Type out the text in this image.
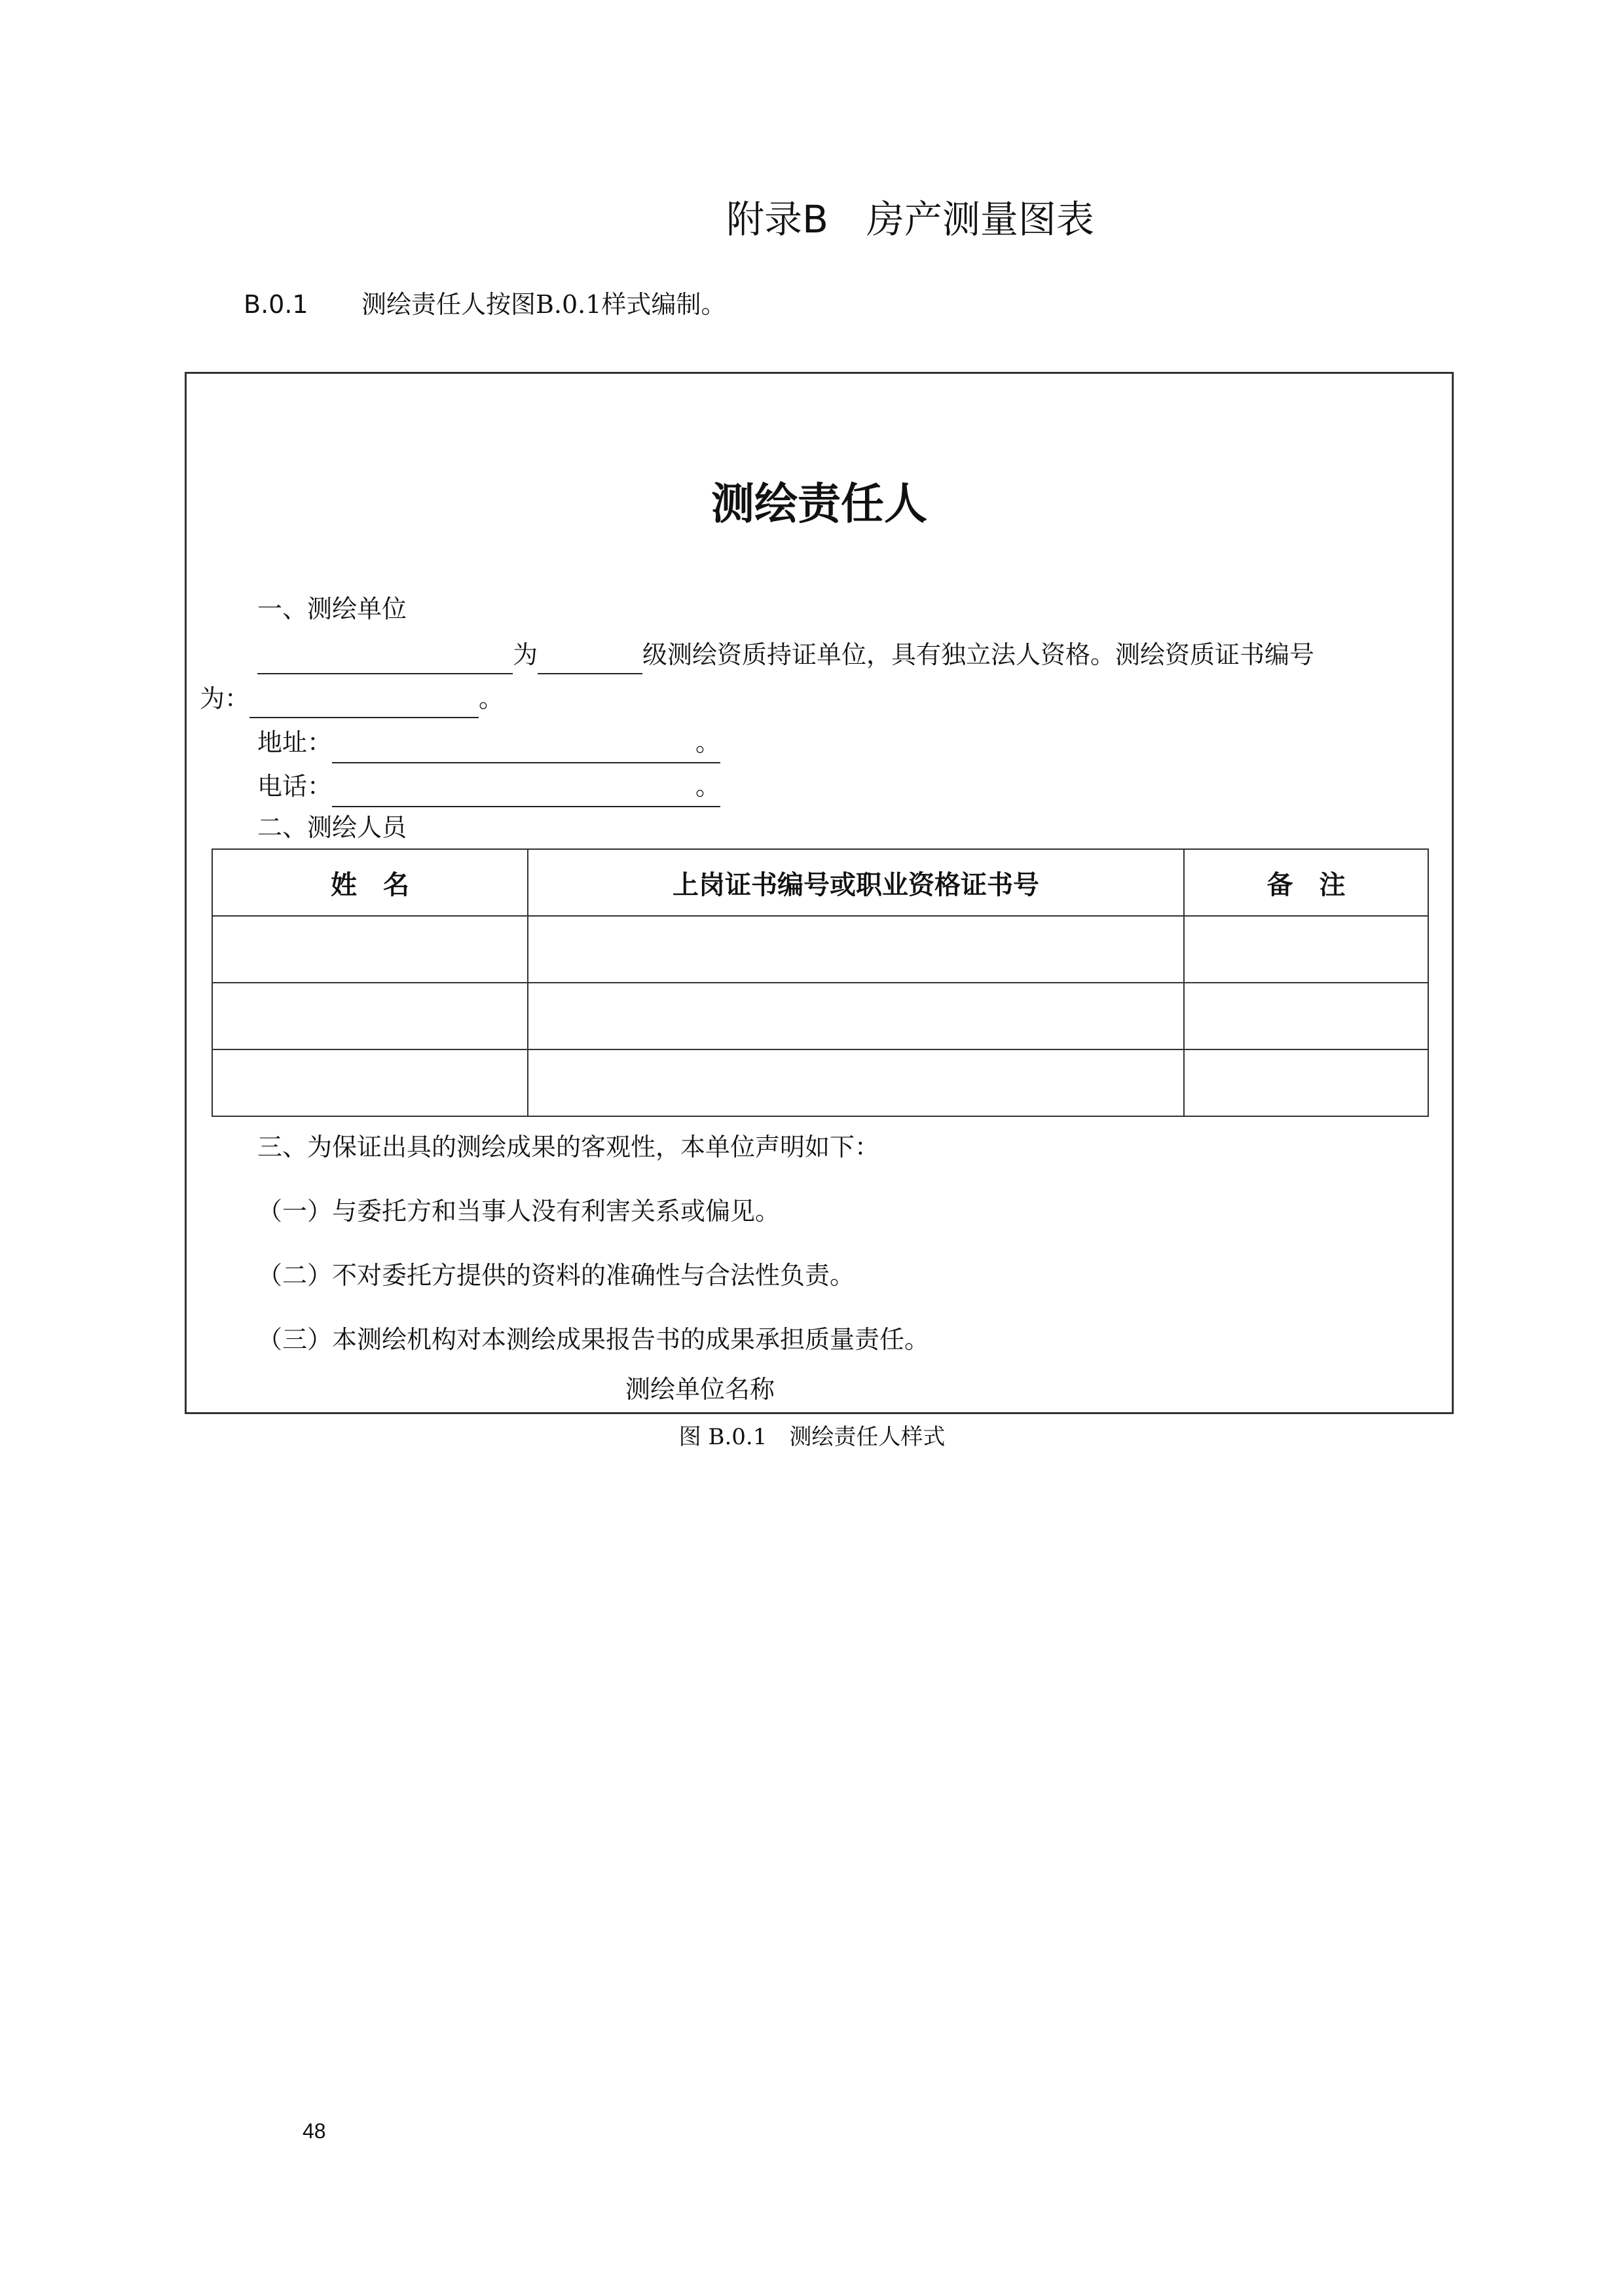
附录B　房产测量图表
B.0.1 测绘责任人按图B.0.1样式编制。
测绘责任人
一、测绘单位
为	级测绘资质持证单位，具有独立法人资格。测绘资质证书编号
为：	。
地址：	。
电话：	。
二、测绘人员
姓　名	上岗证书编号或职业资格证书号	备　注

三、为保证出具的测绘成果的客观性，本单位声明如下：
（一）与委托方和当事人没有利害关系或偏见。
（二）不对委托方提供的资料的准确性与合法性负责。
（三）本测绘机构对本测绘成果报告书的成果承担质量责任。
测绘单位名称
图 B.0.1　测绘责任人样式
48
